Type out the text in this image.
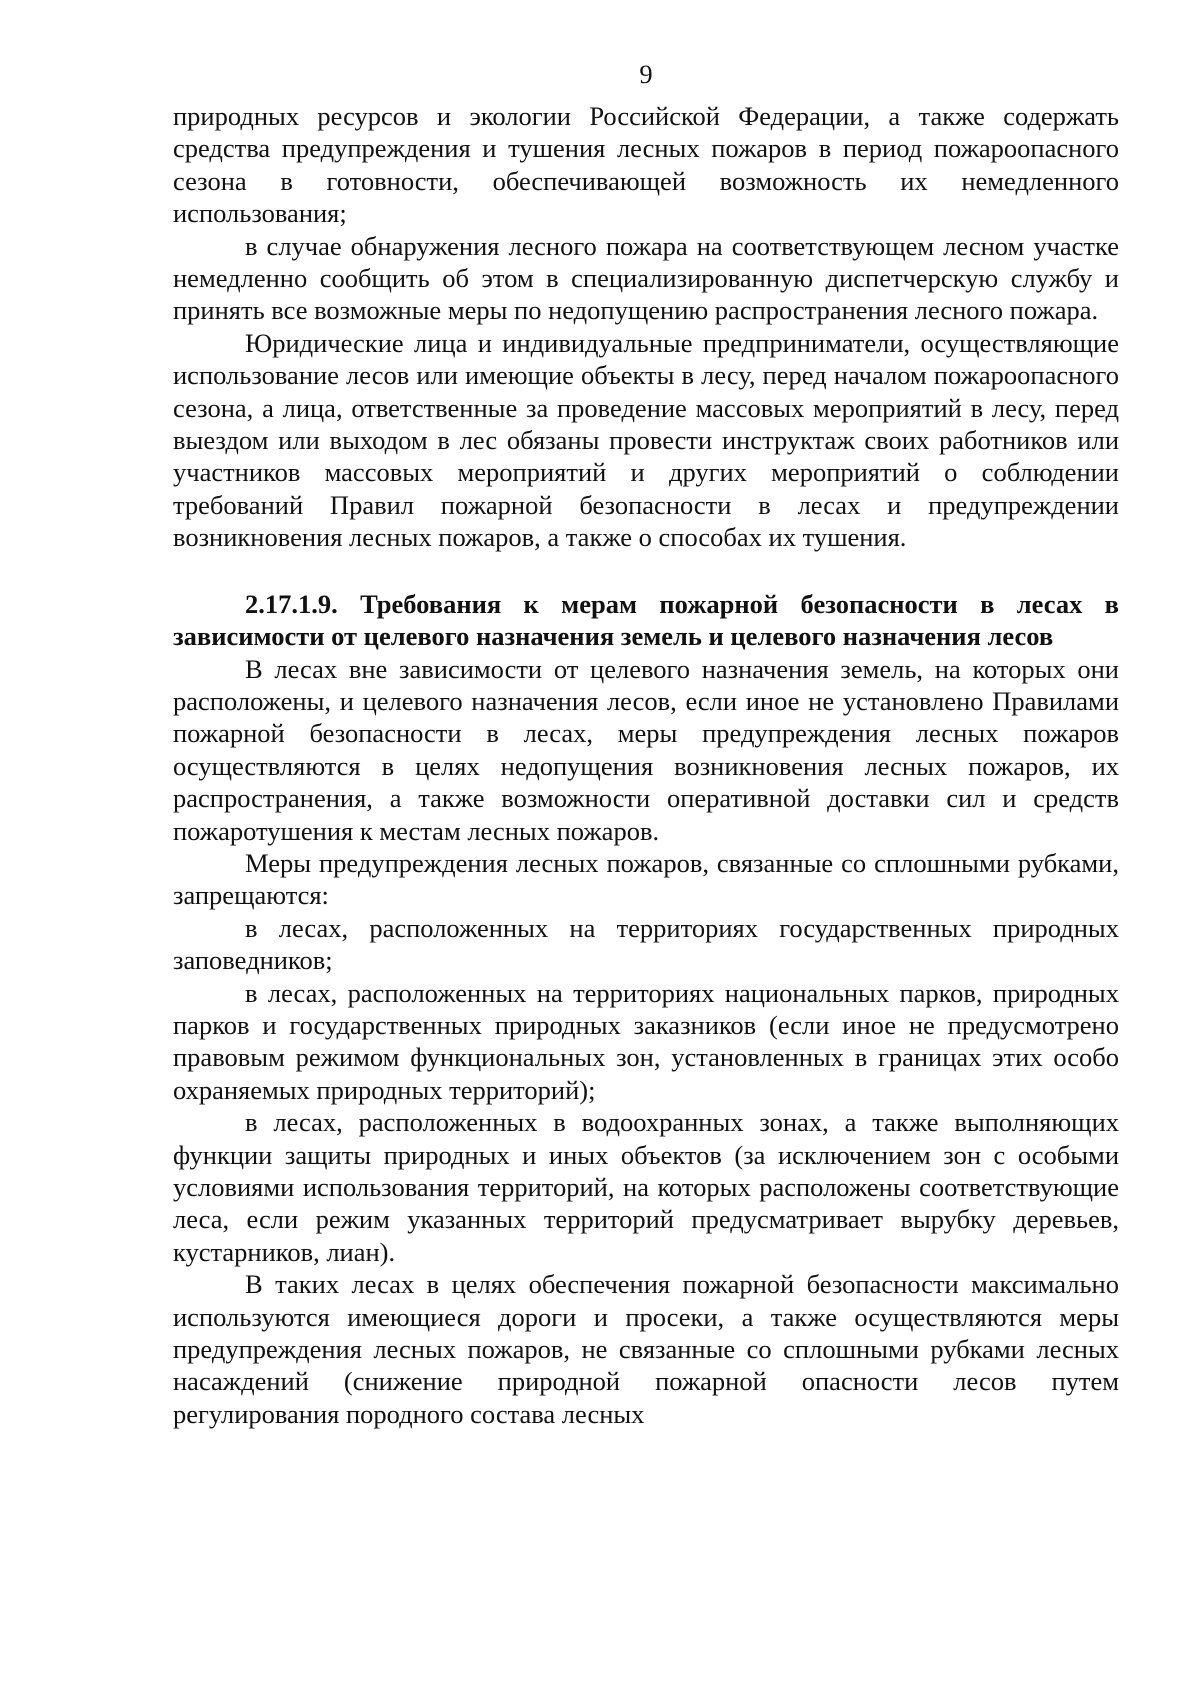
9

природных ресурсов и экологии Российской Федерации, а также содержать средства предупреждения и тушения лесных пожаров в период пожароопасного сезона в готовности, обеспечивающей возможность их немедленного использования;

в случае обнаружения лесного пожара на соответствующем лесном участке немедленно сообщить об этом в специализированную диспетчерскую службу и принять все возможные меры по недопущению распространения лесного пожара.

Юридические лица и индивидуальные предприниматели, осуществляющие использование лесов или имеющие объекты в лесу, перед началом пожароопасного сезона, а лица, ответственные за проведение массовых мероприятий в лесу, перед выездом или выходом в лес обязаны провести инструктаж своих работников или участников массовых мероприятий и других мероприятий о соблюдении требований Правил пожарной безопасности в лесах и предупреждении возникновения лесных пожаров, а также о способах их тушения.

2.17.1.9. Требования к мерам пожарной безопасности в лесах в зависимости от целевого назначения земель и целевого назначения лесов

В лесах вне зависимости от целевого назначения земель, на которых они расположены, и целевого назначения лесов, если иное не установлено Правилами пожарной безопасности в лесах, меры предупреждения лесных пожаров осуществляются в целях недопущения возникновения лесных пожаров, их распространения, а также возможности оперативной доставки сил и средств пожаротушения к местам лесных пожаров.

Меры предупреждения лесных пожаров, связанные со сплошными рубками, запрещаются:

в лесах, расположенных на территориях государственных природных заповедников;

в лесах, расположенных на территориях национальных парков, природных парков и государственных природных заказников (если иное не предусмотрено правовым режимом функциональных зон, установленных в границах этих особо охраняемых природных территорий);

в лесах, расположенных в водоохранных зонах, а также выполняющих функции защиты природных и иных объектов (за исключением зон с особыми условиями использования территорий, на которых расположены соответствующие леса, если режим указанных территорий предусматривает вырубку деревьев, кустарников, лиан).

В таких лесах в целях обеспечения пожарной безопасности максимально используются имеющиеся дороги и просеки, а также осуществляются меры предупреждения лесных пожаров, не связанные со сплошными рубками лесных насаждений (снижение природной пожарной опасности лесов путем регулирования породного состава лесных
